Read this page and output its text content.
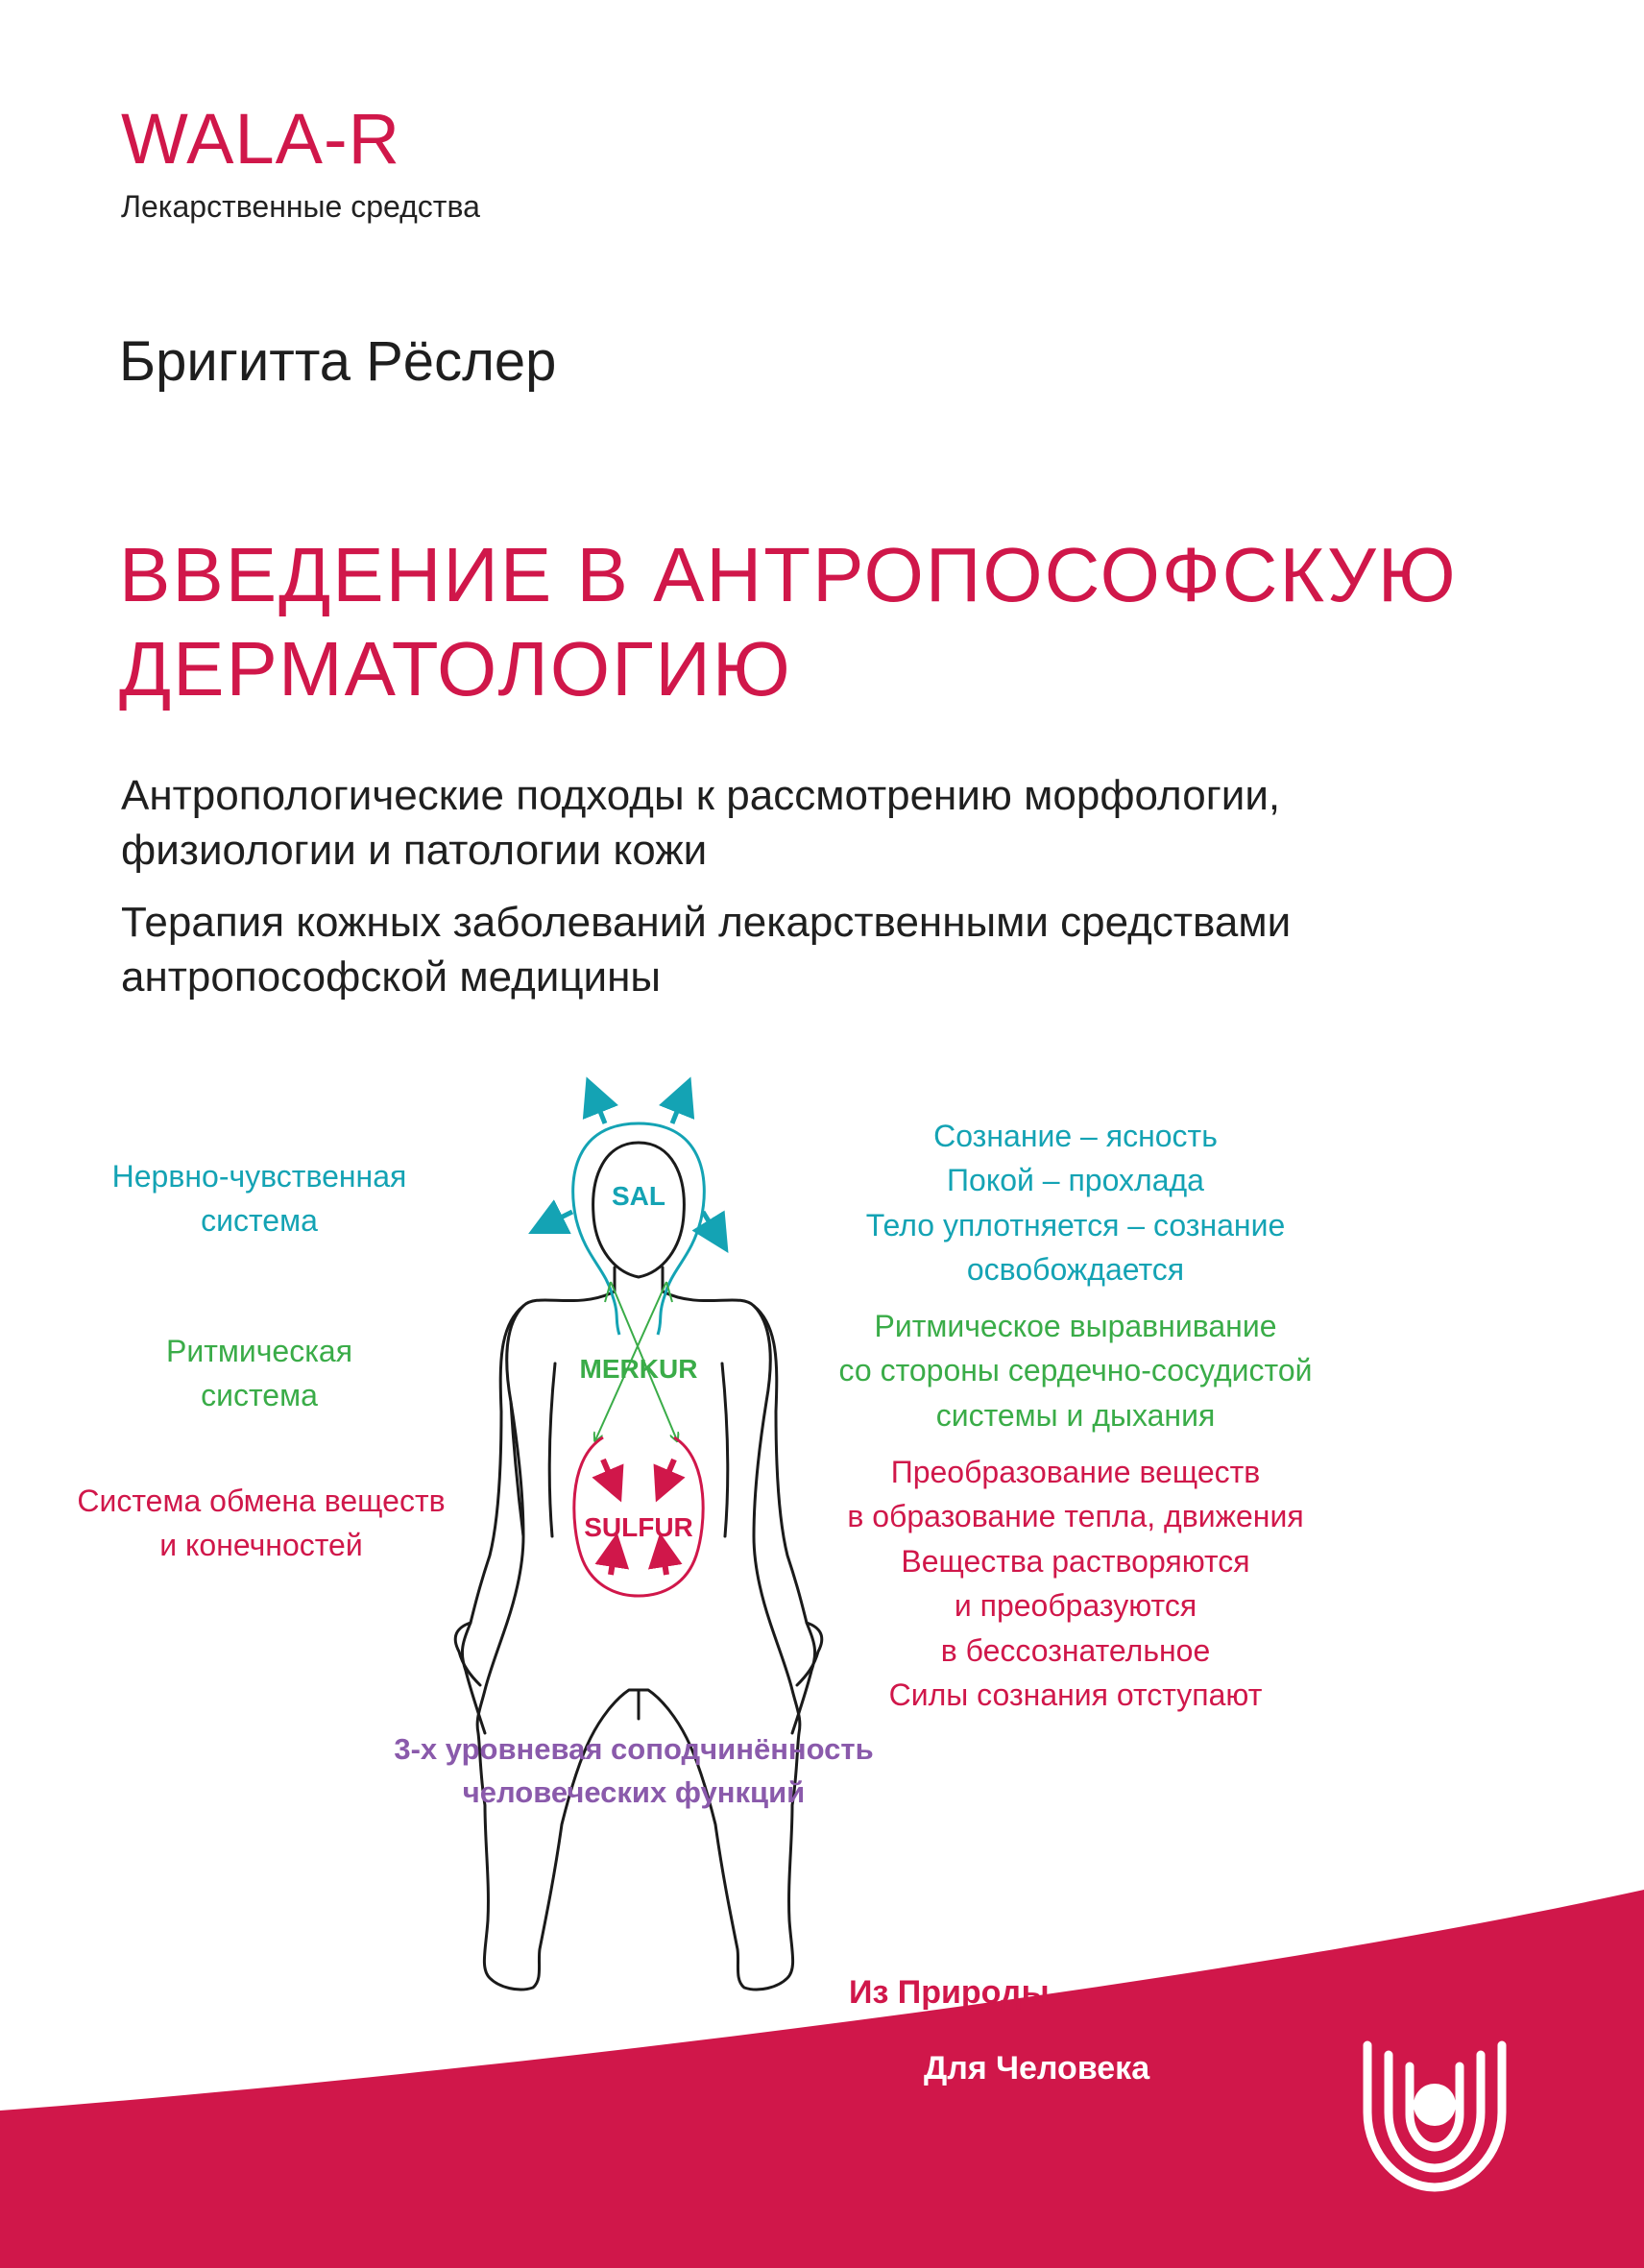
WALA-R
Лекарственные средства
Бригитта Рёслер
ВВЕДЕНИЕ В АНТРОПОСОФСКУЮ
ДЕРМАТОЛОГИЮ
Антропологические подходы к рассмотрению морфологии,
физиологии и патологии кожи
Терапия кожных заболеваний лекарственными средствами
антропософской медицины
SAL
MERKUR
SULFUR
Нервно-чувственная
система
Ритмическая
система
Система обмена веществ
и конечностей
Сознание – ясность
Покой – прохлада
Тело уплотняется – сознание
освобождается
Ритмическое выравнивание
со стороны сердечно-сосудистой
системы и дыхания
Преобразование веществ
в образование тепла, движения
Вещества растворяются
и преобразуются
в бессознательное
Силы сознания отступают
3-х уровневая соподчинённость
человеческих функций
Из Природы
Для Человека
